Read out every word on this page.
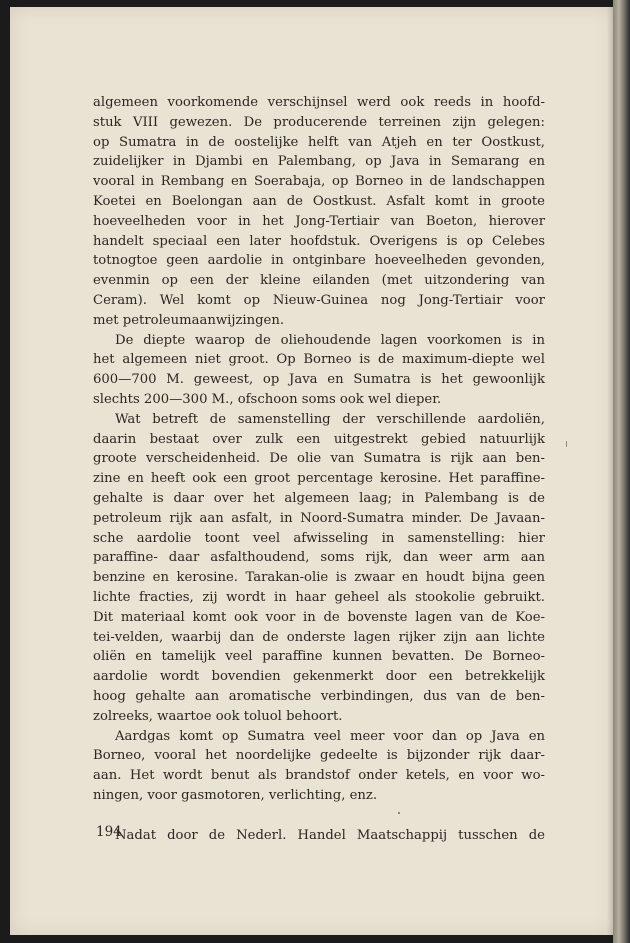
algemeen voorkomende verschijnsel werd ook reeds in hoofd-
stuk VIII gewezen. De producerende terreinen zijn gelegen:
op Sumatra in de oostelijke helft van Atjeh en ter Oostkust,
zuidelijker in Djambi en Palembang, op Java in Semarang en
vooral in Rembang en Soerabaja, op Borneo in de landschappen
Koetei en Boelongan aan de Oostkust. Asfalt komt in groote
hoeveelheden voor in het Jong-Tertiair van Boeton, hierover
handelt speciaal een later hoofdstuk. Overigens is op Celebes
totnogtoe geen aardolie in ontginbare hoeveelheden gevonden,
evenmin op een der kleine eilanden (met uitzondering van
Ceram). Wel komt op Nieuw-Guinea nog Jong-Tertiair voor
met petroleumaanwijzingen.

De diepte waarop de oliehoudende lagen voorkomen is in
het algemeen niet groot. Op Borneo is de maximum-diepte wel
600—700 M. geweest, op Java en Sumatra is het gewoonlijk
slechts 200—300 M., ofschoon soms ook wel dieper.

Wat betreft de samenstelling der verschillende aardoliën,
daarin bestaat over zulk een uitgestrekt gebied natuurlijk
groote verscheidenheid. De olie van Sumatra is rijk aan ben-
zine en heeft ook een groot percentage kerosine. Het paraffine-
gehalte is daar over het algemeen laag; in Palembang is de
petroleum rijk aan asfalt, in Noord-Sumatra minder. De Javaan-
sche aardolie toont veel afwisseling in samenstelling: hier
paraffine- daar asfalthoudend, soms rijk, dan weer arm aan
benzine en kerosine. Tarakan-olie is zwaar en houdt bijna geen
lichte fracties, zij wordt in haar geheel als stookolie gebruikt.
Dit materiaal komt ook voor in de bovenste lagen van de Koe-
tei-velden, waarbij dan de onderste lagen rijker zijn aan lichte
oliën en tamelijk veel paraffine kunnen bevatten. De Borneo-
aardolie wordt bovendien gekenmerkt door een betrekkelijk
hoog gehalte aan aromatische verbindingen, dus van de ben-
zolreeks, waartoe ook toluol behoort.

Aardgas komt op Sumatra veel meer voor dan op Java en
Borneo, vooral het noordelijke gedeelte is bijzonder rijk daar-
aan. Het wordt benut als brandstof onder ketels, en voor wo-
ningen, voor gasmotoren, verlichting, enz.

Nadat door de Nederl. Handel Maatschappij tusschen de

194
